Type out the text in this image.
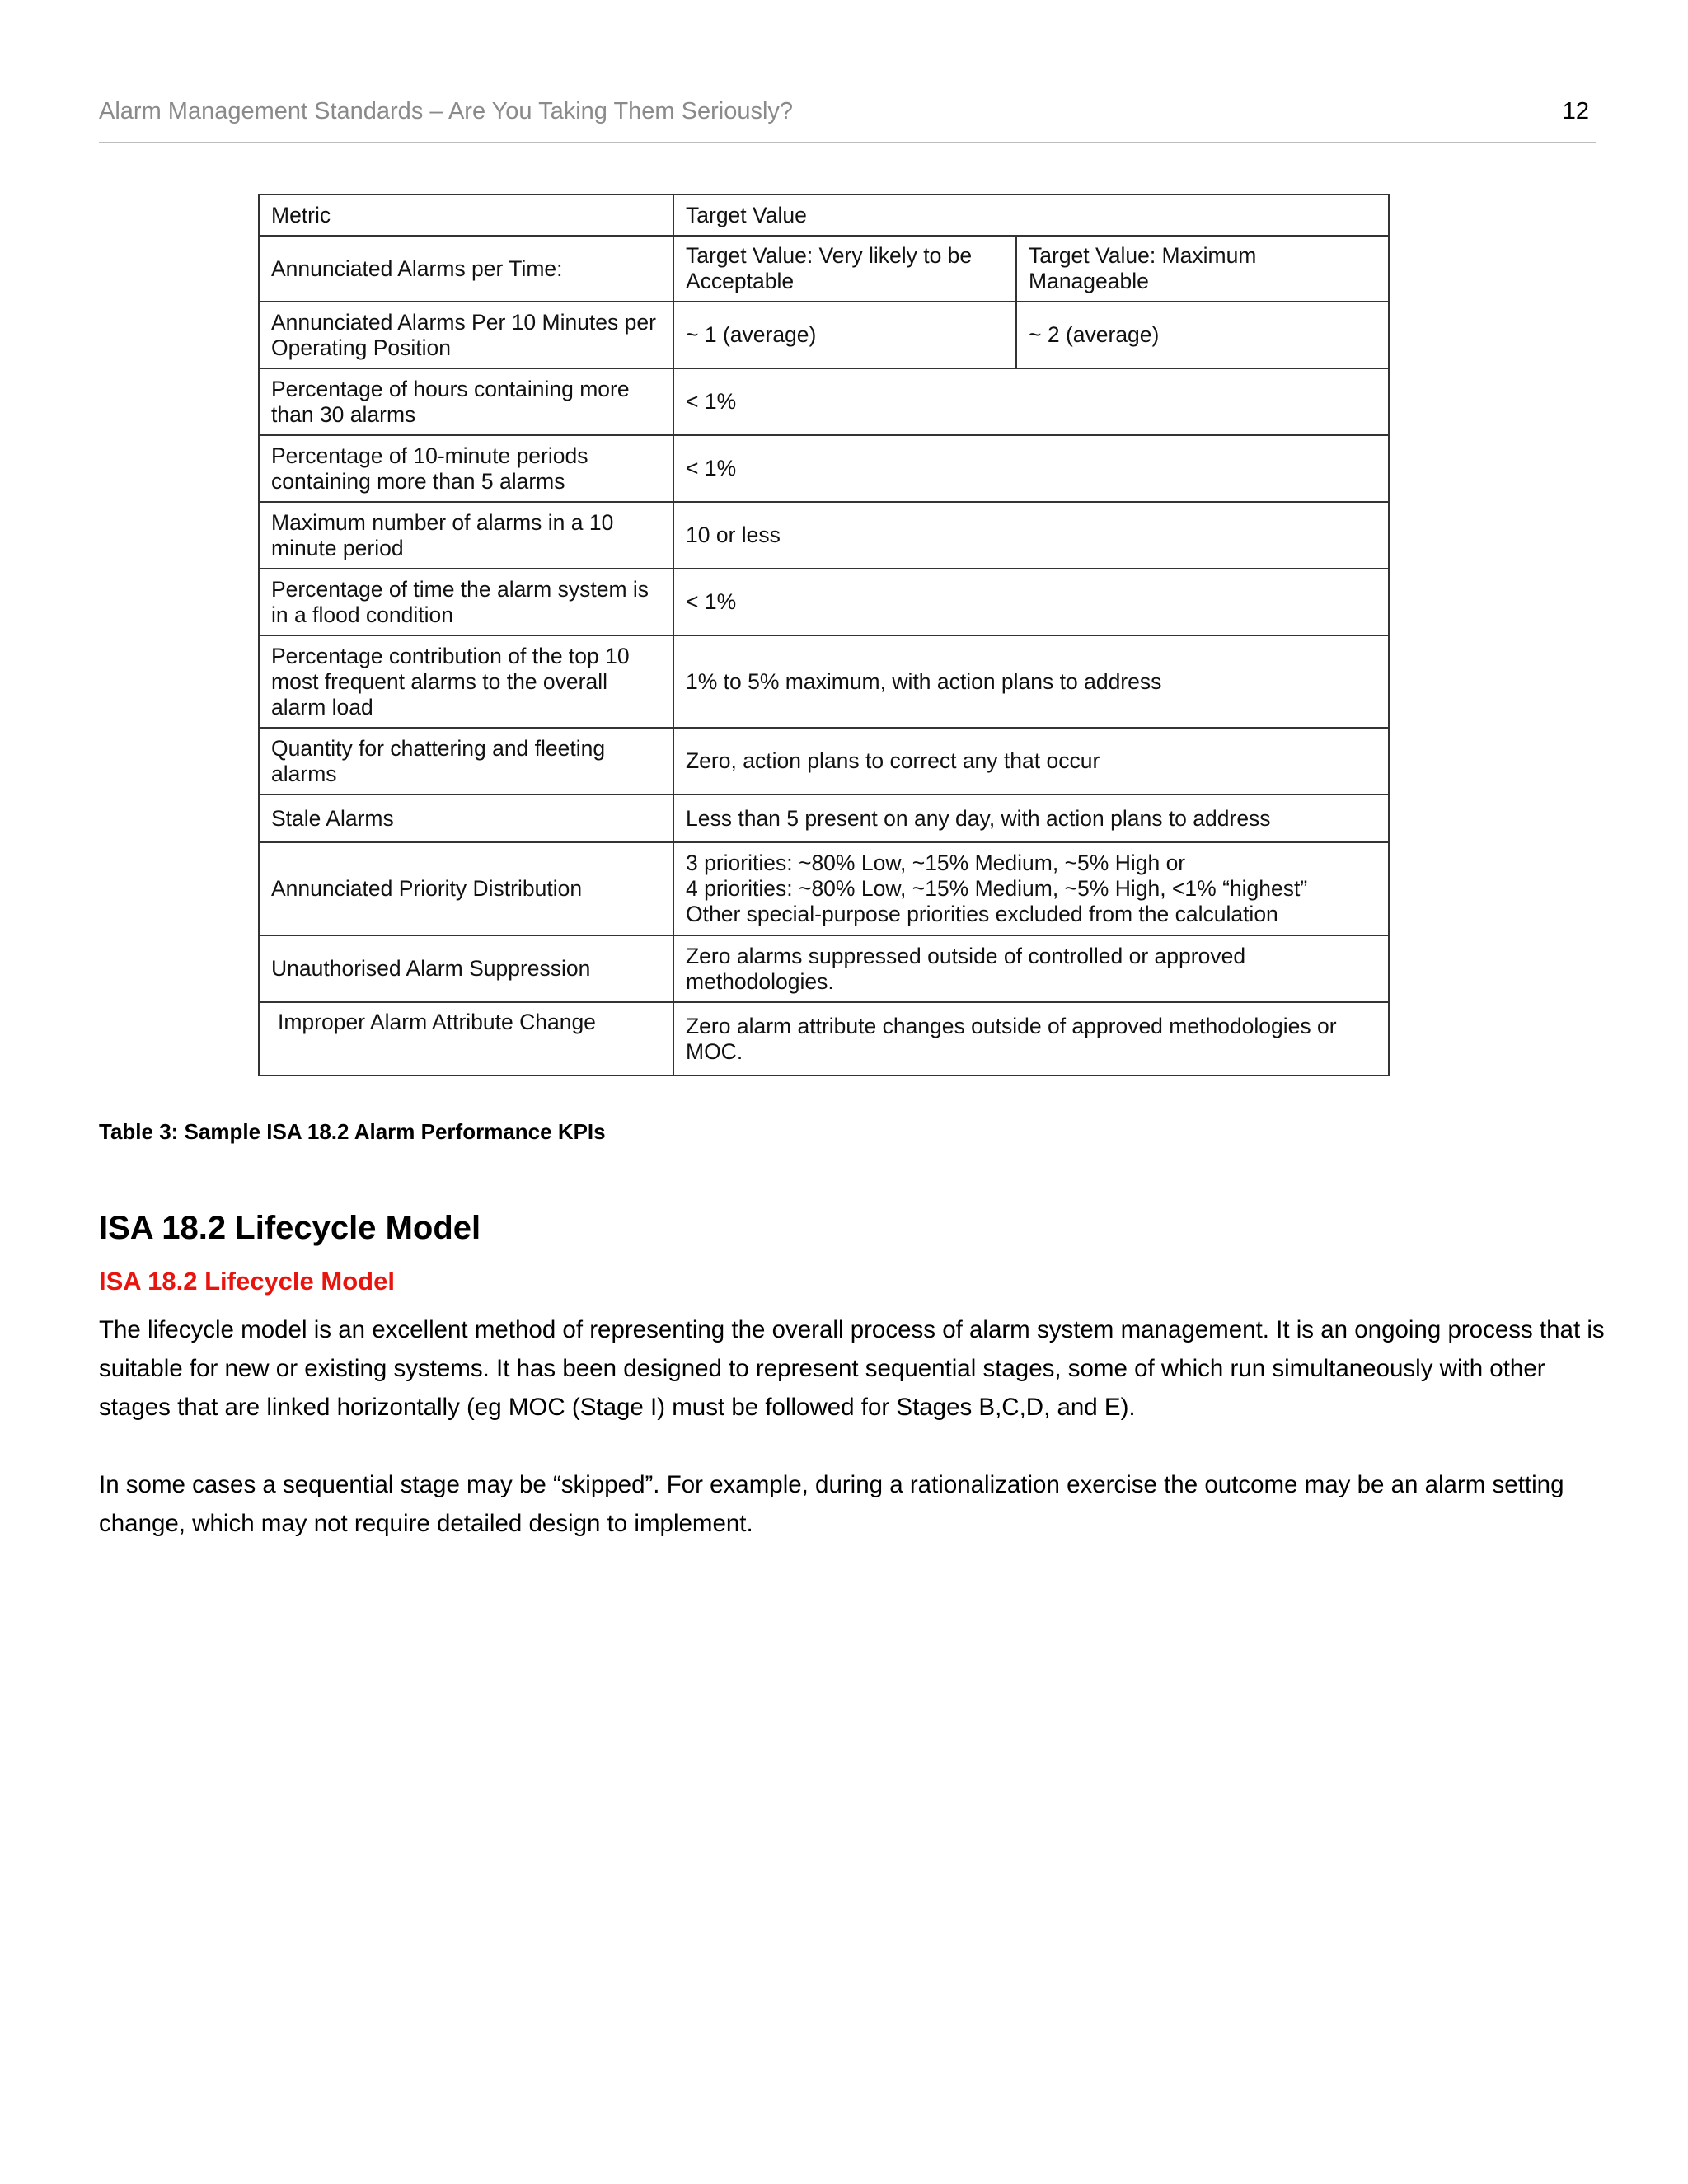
Alarm Management Standards – Are You Taking Them Seriously?	12
Metric	Target Value	
Annunciated Alarms per Time:	Target Value: Very likely to be Acceptable	Target Value: Maximum Manageable
Annunciated Alarms Per 10 Minutes per Operating Position	~ 1 (average)	~ 2 (average)
Percentage of hours containing more than 30 alarms	< 1%	
Percentage of 10-minute periods containing more than 5 alarms	< 1%	
Maximum number of alarms in a 10 minute period	10 or less	
Percentage of time the alarm system is in a flood condition	< 1%	
Percentage contribution of the top 10 most frequent alarms to the overall alarm load	1% to 5% maximum, with action plans to address	
Quantity for chattering and fleeting alarms	Zero, action plans to correct any that occur	
Stale Alarms	Less than 5 present on any day, with action plans to address	
Annunciated Priority Distribution	3 priorities: ~80% Low, ~15% Medium, ~5% High or
4 priorities: ~80% Low, ~15% Medium, ~5% High, <1% “highest”
Other special-purpose priorities excluded from the calculation	

Unauthorised Alarm Suppression	Zero alarms suppressed outside of controlled or approved methodologies.	
Improper Alarm Attribute Change	Zero alarm attribute changes outside of approved methodologies or MOC.	
Table 3: Sample ISA 18.2 Alarm Performance KPIs
ISA 18.2 Lifecycle Model
ISA 18.2 Lifecycle Model

The lifecycle model is an excellent method of representing the overall process of alarm system management. It is an ongoing process that is suitable for new or existing systems. It has been designed to represent sequential stages, some of which run simultaneously with other stages that are linked horizontally (eg MOC (Stage I) must be followed for Stages B,C,D, and E).

In some cases a sequential stage may be “skipped”. For example, during a rationalization exercise the outcome may be an alarm setting change, which may not require detailed design to implement.
